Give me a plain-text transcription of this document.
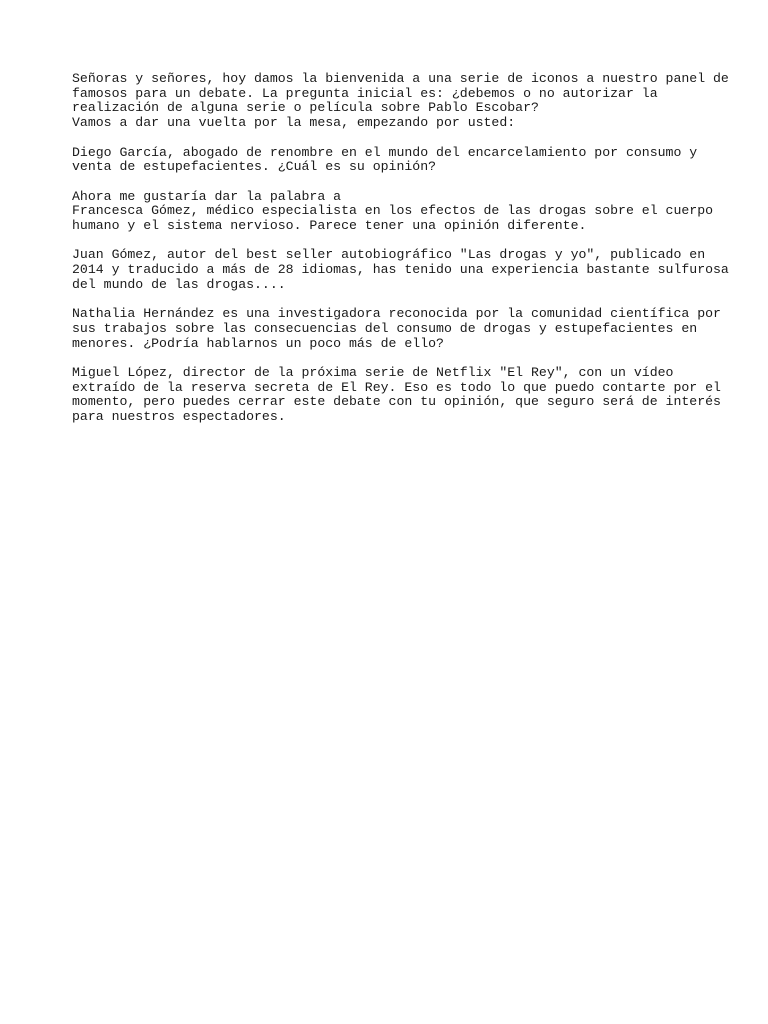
Señoras y señores, hoy damos la bienvenida a una serie de iconos a nuestro panel de
famosos para un debate. La pregunta inicial es: ¿debemos o no autorizar la
realización de alguna serie o película sobre Pablo Escobar?
Vamos a dar una vuelta por la mesa, empezando por usted:

Diego García, abogado de renombre en el mundo del encarcelamiento por consumo y
venta de estupefacientes. ¿Cuál es su opinión?

Ahora me gustaría dar la palabra a
Francesca Gómez, médico especialista en los efectos de las drogas sobre el cuerpo
humano y el sistema nervioso. Parece tener una opinión diferente.

Juan Gómez, autor del best seller autobiográfico "Las drogas y yo", publicado en
2014 y traducido a más de 28 idiomas, has tenido una experiencia bastante sulfurosa
del mundo de las drogas....

Nathalia Hernández es una investigadora reconocida por la comunidad científica por
sus trabajos sobre las consecuencias del consumo de drogas y estupefacientes en
menores. ¿Podría hablarnos un poco más de ello?

Miguel López, director de la próxima serie de Netflix "El Rey", con un vídeo
extraído de la reserva secreta de El Rey. Eso es todo lo que puedo contarte por el
momento, pero puedes cerrar este debate con tu opinión, que seguro será de interés
para nuestros espectadores.
